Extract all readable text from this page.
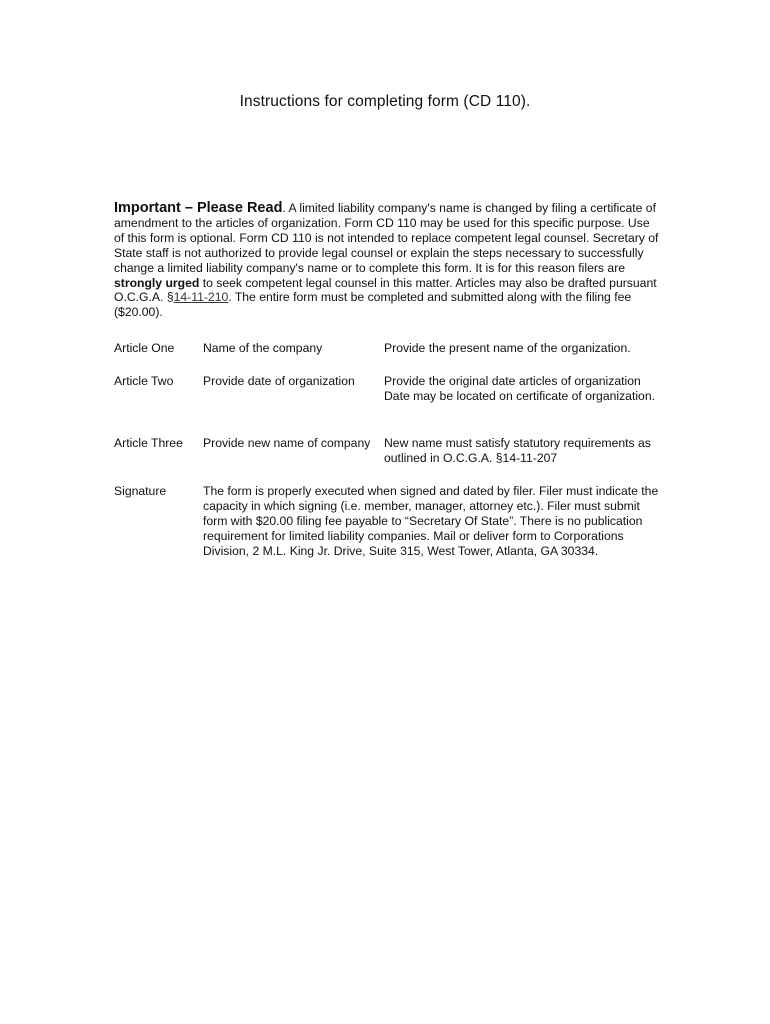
Instructions for completing form (CD 110).
Important – Please Read. A limited liability company's name is changed by filing a certificate of amendment to the articles of organization. Form CD 110 may be used for this specific purpose. Use of this form is optional. Form CD 110 is not intended to replace competent legal counsel. Secretary of State staff is not authorized to provide legal counsel or explain the steps necessary to successfully change a limited liability company's name or to complete this form. It is for this reason filers are strongly urged to seek competent legal counsel in this matter. Articles may also be drafted pursuant O.C.G.A. §14-11-210. The entire form must be completed and submitted along with the filing fee ($20.00).
Article One	Name of the company	Provide the present name of the organization.
Article Two	Provide date of organization	Provide the original date articles of organization Date may be located on certificate of organization.
Article Three	Provide new name of company	New name must satisfy statutory requirements as outlined in O.C.G.A. §14-11-207
Signature	The form is properly executed when signed and dated by filer. Filer must indicate the capacity in which signing (i.e. member, manager, attorney etc.). Filer must submit form with $20.00 filing fee payable to “Secretary Of State”. There is no publication requirement for limited liability companies. Mail or deliver form to Corporations Division, 2 M.L. King Jr. Drive, Suite 315, West Tower, Atlanta, GA 30334.
